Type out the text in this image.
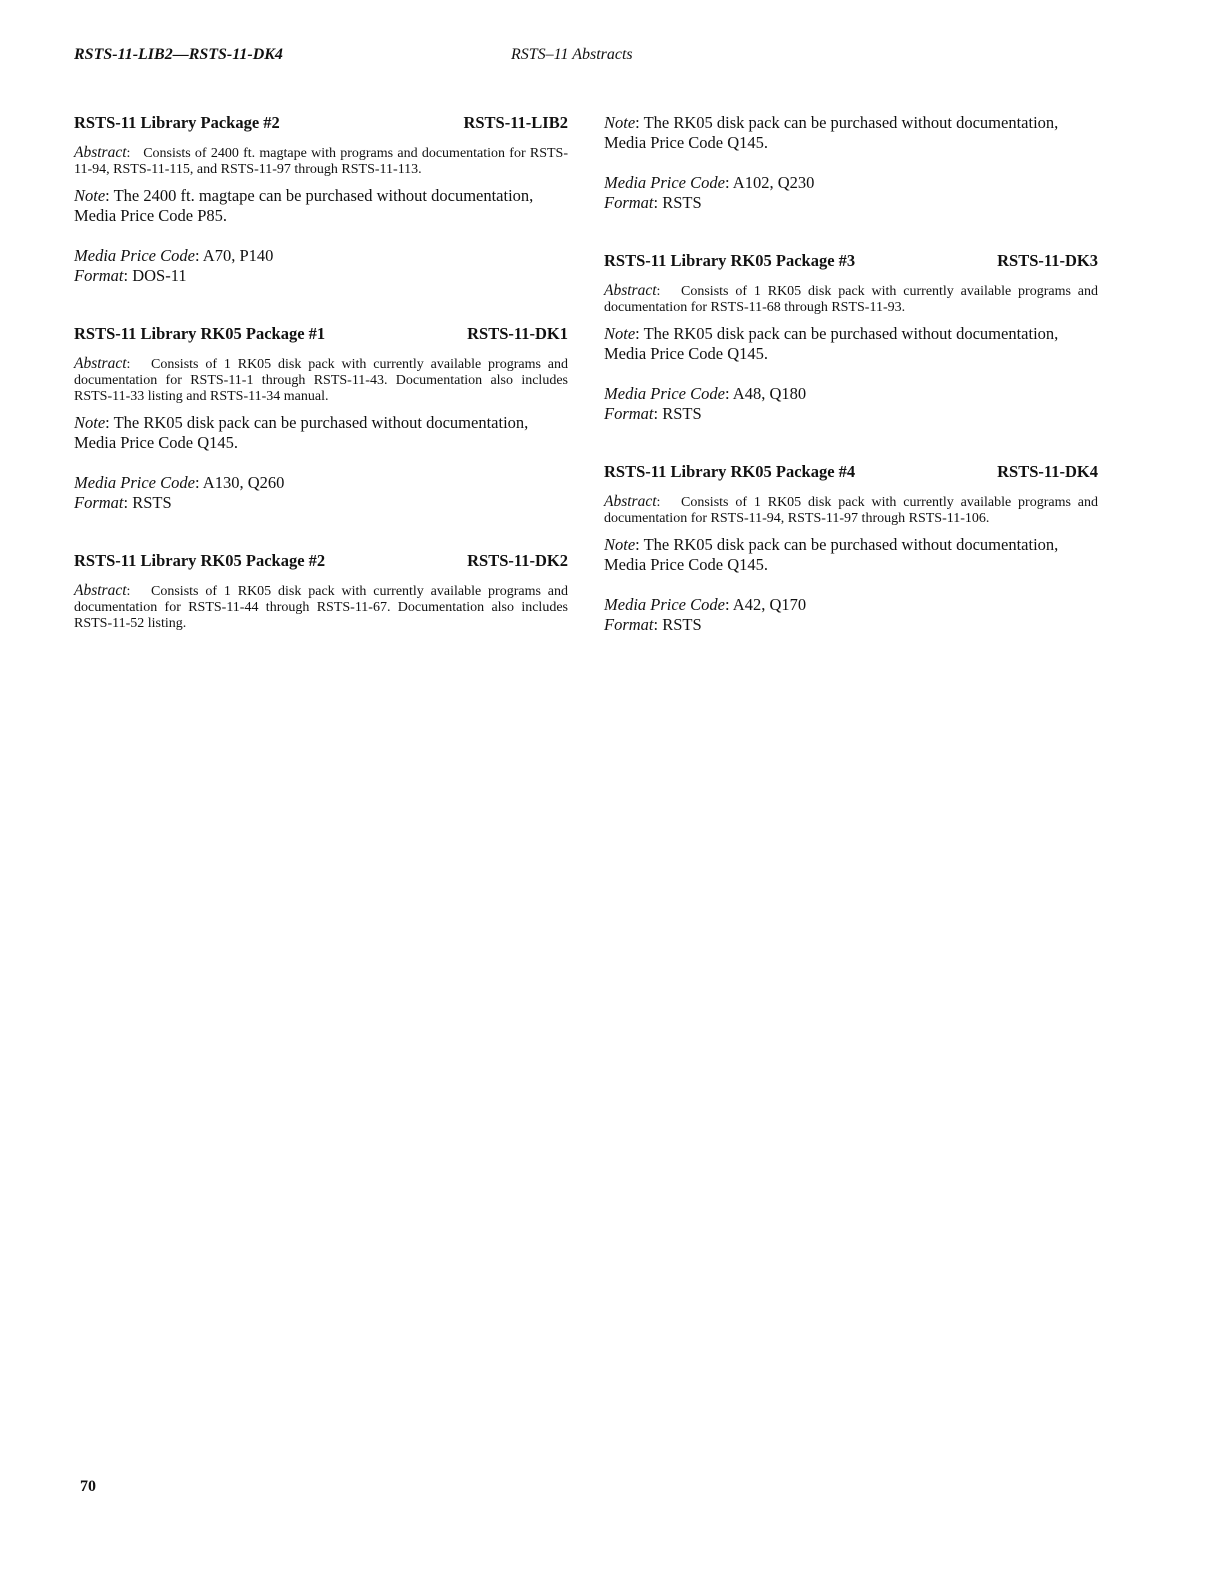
RSTS-11-LIB2—RSTS-11-DK4	RSTS–11 Abstracts
RSTS-11 Library Package #2	RSTS-11-LIB2

Abstract:   Consists of 2400 ft. magtape with programs and documentation for RSTS-11-94, RSTS-11-115, and RSTS-11-97 through RSTS-11-113.

Note: The 2400 ft. magtape can be purchased without documentation, Media Price Code P85.

Media Price Code: A70, P140

Format: DOS-11

RSTS-11 Library RK05 Package #1	RSTS-11-DK1

Abstract:   Consists of 1 RK05 disk pack with currently available programs and documentation for RSTS-11-1 through RSTS-11-43. Documentation also includes RSTS-11-33 listing and RSTS-11-34 manual.

Note: The RK05 disk pack can be purchased without documentation, Media Price Code Q145.

Media Price Code: A130, Q260

Format: RSTS

RSTS-11 Library RK05 Package #2	RSTS-11-DK2

Abstract:   Consists of 1 RK05 disk pack with currently available programs and documentation for RSTS-11-44 through RSTS-11-67. Documentation also includes RSTS-11-52 listing.

Note: The RK05 disk pack can be purchased without documentation, Media Price Code Q145.

Media Price Code: A102, Q230

Format: RSTS

RSTS-11 Library RK05 Package #3	RSTS-11-DK3

Abstract:   Consists of 1 RK05 disk pack with currently available programs and documentation for RSTS-11-68 through RSTS-11-93.

Note: The RK05 disk pack can be purchased without documentation, Media Price Code Q145.

Media Price Code: A48, Q180

Format: RSTS

RSTS-11 Library RK05 Package #4	RSTS-11-DK4

Abstract:   Consists of 1 RK05 disk pack with currently available programs and documentation for RSTS-11-94, RSTS-11-97 through RSTS-11-106.

Note: The RK05 disk pack can be purchased without documentation, Media Price Code Q145.

Media Price Code: A42, Q170

Format: RSTS

70
